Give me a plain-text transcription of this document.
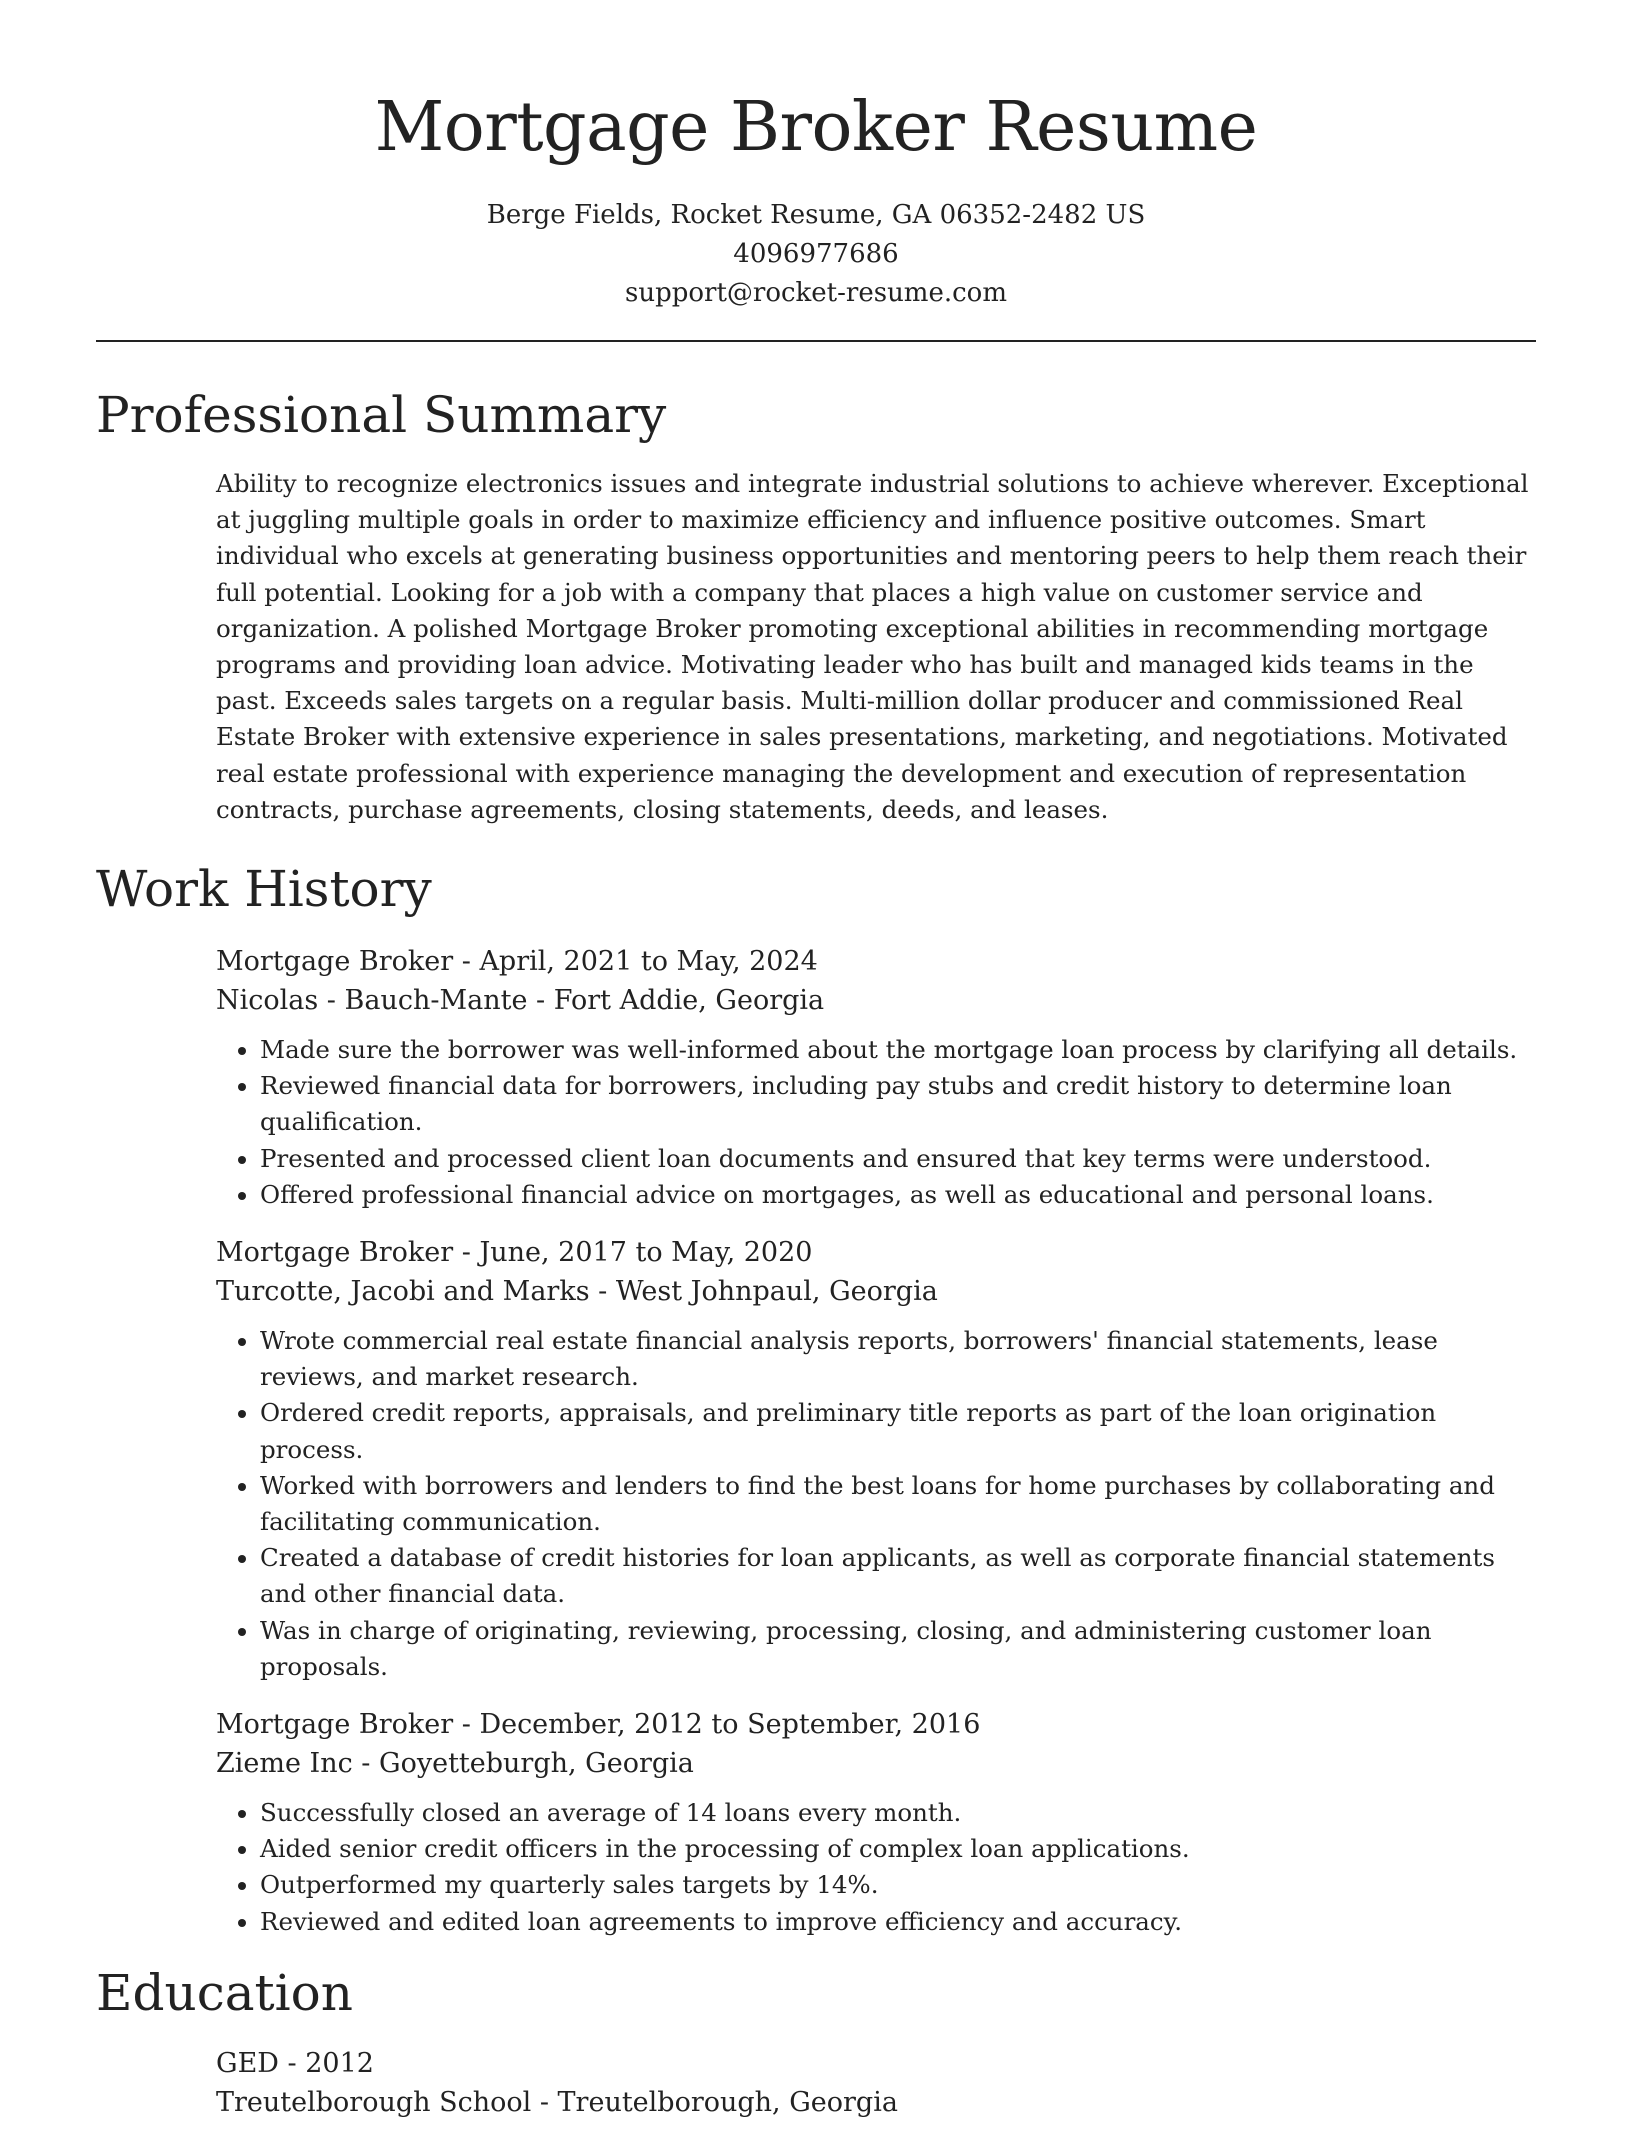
Mortgage Broker Resume
Berge Fields, Rocket Resume, GA 06352-2482 US
4096977686
support@rocket-resume.com
Professional Summary

Ability to recognize electronics issues and integrate industrial solutions to achieve wherever. Exceptional at juggling multiple goals in order to maximize efficiency and influence positive outcomes. Smart individual who excels at generating business opportunities and mentoring peers to help them reach their full potential. Looking for a job with a company that places a high value on customer service and organization. A polished Mortgage Broker promoting exceptional abilities in recommending mortgage programs and providing loan advice. Motivating leader who has built and managed kids teams in the past. Exceeds sales targets on a regular basis. Multi-million dollar producer and commissioned Real Estate Broker with extensive experience in sales presentations, marketing, and negotiations. Motivated real estate professional with experience managing the development and execution of representation contracts, purchase agreements, closing statements, deeds, and leases.

Work History
Mortgage Broker - April, 2021 to May, 2024
Nicolas - Bauch-Mante - Fort Addie, Georgia
• Made sure the borrower was well-informed about the mortgage loan process by clarifying all details.
• Reviewed financial data for borrowers, including pay stubs and credit history to determine loan qualification.
• Presented and processed client loan documents and ensured that key terms were understood.
• Offered professional financial advice on mortgages, as well as educational and personal loans.
Mortgage Broker - June, 2017 to May, 2020
Turcotte, Jacobi and Marks - West Johnpaul, Georgia
• Wrote commercial real estate financial analysis reports, borrowers' financial statements, lease reviews, and market research.
• Ordered credit reports, appraisals, and preliminary title reports as part of the loan origination process.
• Worked with borrowers and lenders to find the best loans for home purchases by collaborating and facilitating communication.
• Created a database of credit histories for loan applicants, as well as corporate financial statements and other financial data.
• Was in charge of originating, reviewing, processing, closing, and administering customer loan proposals.
Mortgage Broker - December, 2012 to September, 2016
Zieme Inc - Goyetteburgh, Georgia
• Successfully closed an average of 14 loans every month.
• Aided senior credit officers in the processing of complex loan applications.
• Outperformed my quarterly sales targets by 14%.
• Reviewed and edited loan agreements to improve efficiency and accuracy.
Education
GED - 2012
Treutelborough School - Treutelborough, Georgia
